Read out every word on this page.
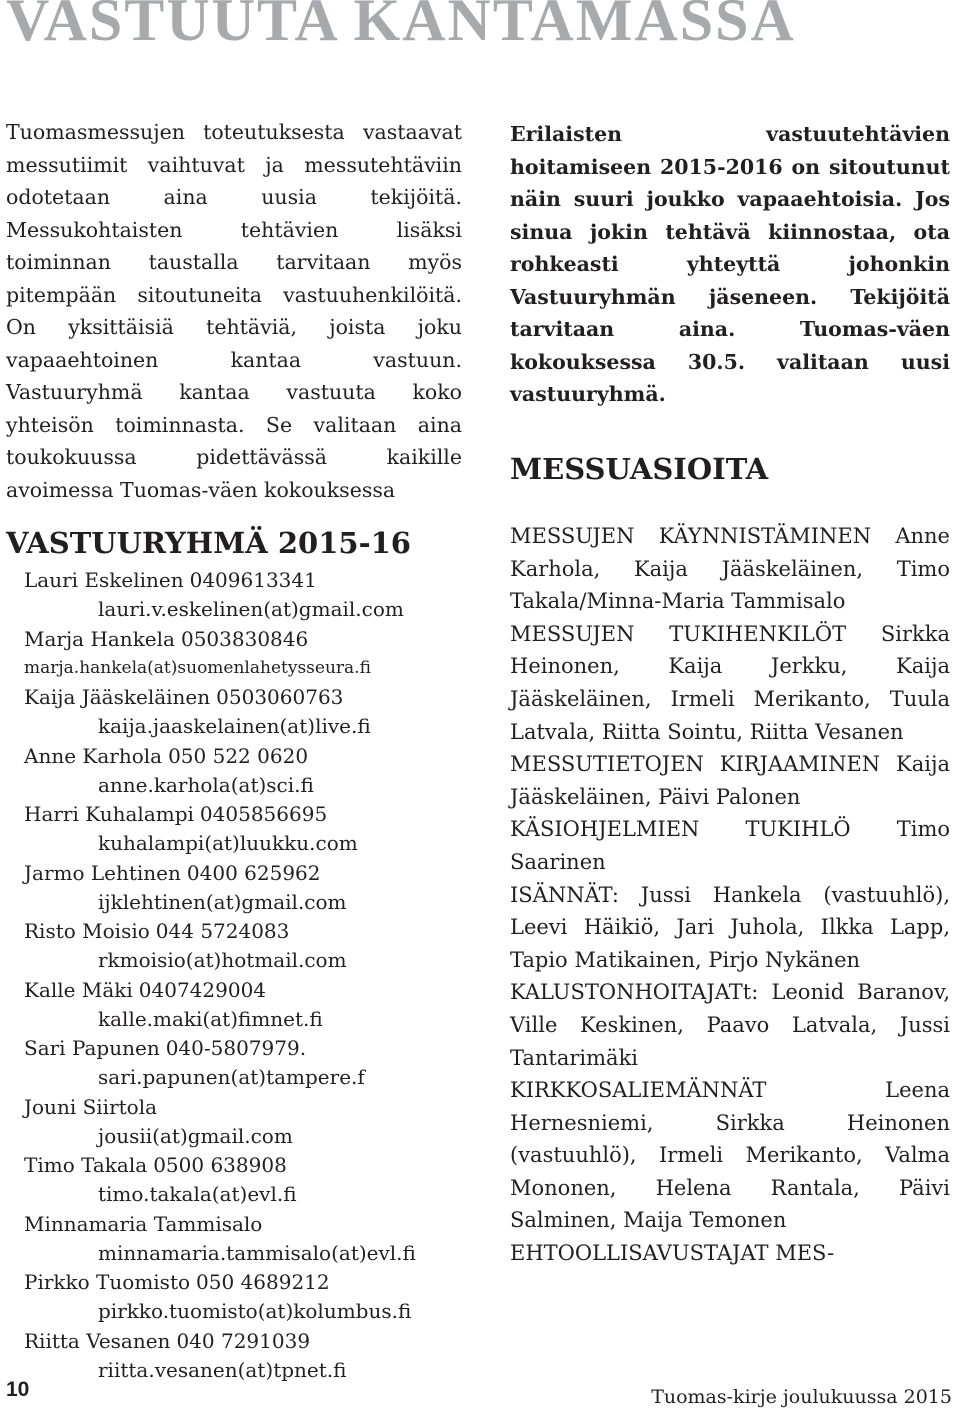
VASTUUTA KANTAMASSA

Tuomasmessujen toteutuksesta vastaavat messutiimit vaihtuvat ja messutehtäviin odotetaan aina uusia tekijöitä. Messukohtaisten tehtävien lisäksi toiminnan taustalla tarvitaan myös pitempään sitoutuneita vastuuhenkilöitä. On yksittäisiä tehtäviä, joista joku vapaaehtoinen kantaa vastuun. Vastuuryhmä kantaa vastuuta koko yhteisön toiminnasta. Se valitaan aina toukokuussa pidettävässä kaikille avoimessa Tuomas-väen kokouksessa

Erilaisten vastuutehtävien hoitamiseen 2015-2016 on sitoutunut näin suuri joukko vapaaehtoisia. Jos sinua jokin tehtävä kiinnostaa, ota rohkeasti yhteyttä johonkin Vastuuryhmän jäseneen. Tekijöitä tarvitaan aina. Tuomas-väen kokouksessa 30.5. valitaan uusi vastuuryhmä.

VASTUURYHMÄ 2015-16
Lauri Eskelinen 0409613341
lauri.v.eskelinen(at)gmail.com
Marja Hankela 0503830846
marja.hankela(at)suomenlahetysseura.fi
Kaija Jääskeläinen 0503060763
kaija.jaaskelainen(at)live.fi
Anne Karhola 050 522 0620
anne.karhola(at)sci.fi
Harri Kuhalampi 0405856695
kuhalampi(at)luukku.com
Jarmo Lehtinen 0400 625962
ijklehtinen(at)gmail.com
Risto Moisio 044 5724083
rkmoisio(at)hotmail.com
Kalle Mäki 0407429004
kalle.maki(at)fimnet.fi
Sari Papunen 040-5807979.
sari.papunen(at)tampere.f
Jouni Siirtola
jousii(at)gmail.com
Timo Takala 0500 638908
timo.takala(at)evl.fi
Minnamaria Tammisalo
minnamaria.tammisalo(at)evl.fi
Pirkko Tuomisto 050 4689212
pirkko.tuomisto(at)kolumbus.fi
Riitta Vesanen 040 7291039
riitta.vesanen(at)tpnet.fi
MESSUASIOITA

MESSUJEN KÄYNNISTÄMINEN Anne Karhola, Kaija Jääskeläinen, Timo Takala/Minna-Maria Tammisalo

MESSUJEN TUKIHENKILÖT Sirkka Heinonen, Kaija Jerkku, Kaija Jääskeläinen, Irmeli Merikanto, Tuula Latvala, Riitta Sointu, Riitta Vesanen

MESSUTIETOJEN KIRJAAMINEN Kaija Jääskeläinen, Päivi Palonen

KÄSIOHJELMIEN TUKIHLÖ Timo Saarinen

ISÄNNÄT: Jussi Hankela (vastuuhlö), Leevi Häikiö, Jari Juhola, Ilkka Lapp, Tapio Matikainen, Pirjo Nykänen

KALUSTONHOITAJATt: Leonid Baranov, Ville Keskinen, Paavo Latvala, Jussi Tantarimäki

KIRKKOSALIEMÄNNÄT	Leena Hernesniemi, Sirkka Heinonen (vastuuhlö), Irmeli Merikanto, Valma Mononen, Helena Rantala, Päivi Salminen, Maija Temonen

EHTOOLLISAVUSTAJAT MES-

10	Tuomas-kirje joulukuussa 2015
